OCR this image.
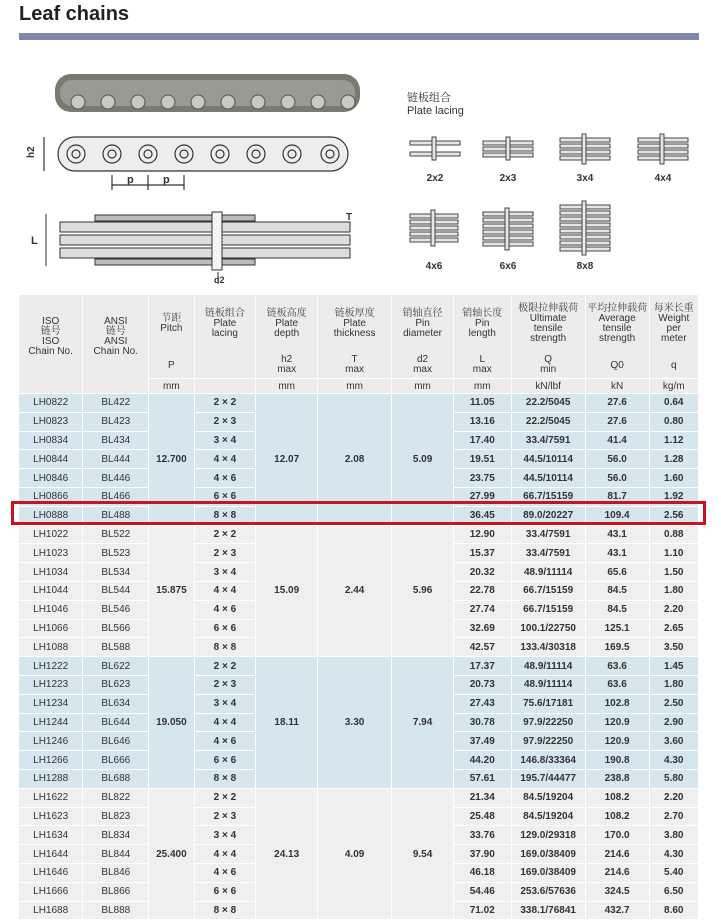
Leaf chains
h2
p	p
L
T
d2
链板组合
Plate lacing
2x2	2x3	3x4	4x4
4x6	6x6	8x8
ISO
链号
ISO
Chain No.	ANSI
链号
ANSI
Chain No.	节距
Pitch	链板组合
Plate
lacing	链板高度
Plate
depth	链板厚度
Plate
thickness	销轴直径
Pin
diameter	销轴长度
Pin
length	极限拉伸载荷
Ultimate
tensile
strength	平均拉伸载荷
Average
tensile
strength	每米长重
Weight
per
meter
		P		h2
max	T
max	d2
max	L
max	Q
min	Q0	q
		mm		mm	mm	mm	mm	kN/lbf	kN	kg/m
LH0822	BL422	12.700	2 × 2	12.07	2.08	5.09	11.05	22.2/5045	27.6	0.64
LH0823	BL423		2 × 3				13.16	22.2/5045	27.6	0.80
LH0834	BL434		3 × 4				17.40	33.4/7591	41.4	1.12
LH0844	BL444		4 × 4				19.51	44.5/10114	56.0	1.28
LH0846	BL446		4 × 6				23.75	44.5/10114	56.0	1.60
LH0866	BL466		6 × 6				27.99	66.7/15159	81.7	1.92
LH0888	BL488		8 × 8				36.45	89.0/20227	109.4	2.56
LH1022	BL522	15.875	2 × 2	15.09	2.44	5.96	12.90	33.4/7591	43.1	0.88
LH1023	BL523		2 × 3				15.37	33.4/7591	43.1	1.10
LH1034	BL534		3 × 4				20.32	48.9/11114	65.6	1.50
LH1044	BL544		4 × 4				22.78	66.7/15159	84.5	1.80
LH1046	BL546		4 × 6				27.74	66.7/15159	84.5	2.20
LH1066	BL566		6 × 6				32.69	100.1/22750	125.1	2.65
LH1088	BL588		8 × 8				42.57	133.4/30318	169.5	3.50
LH1222	BL622	19.050	2 × 2	18.11	3.30	7.94	17.37	48.9/11114	63.6	1.45
LH1223	BL623		2 × 3				20.73	48.9/11114	63.6	1.80
LH1234	BL634		3 × 4				27.43	75.6/17181	102.8	2.50
LH1244	BL644		4 × 4				30.78	97.9/22250	120.9	2.90
LH1246	BL646		4 × 6				37.49	97.9/22250	120.9	3.60
LH1266	BL666		6 × 6				44.20	146.8/33364	190.8	4.30
LH1288	BL688		8 × 8				57.61	195.7/44477	238.8	5.80
LH1622	BL822	25.400	2 × 2	24.13	4.09	9.54	21.34	84.5/19204	108.2	2.20
LH1623	BL823		2 × 3				25.48	84.5/19204	108.2	2.70
LH1634	BL834		3 × 4				33.76	129.0/29318	170.0	3.80
LH1644	BL844		4 × 4				37.90	169.0/38409	214.6	4.30
LH1646	BL846		4 × 6				46.18	169.0/38409	214.6	5.40
LH1666	BL866		6 × 6				54.46	253.6/57636	324.5	6.50
LH1688	BL888		8 × 8				71.02	338.1/76841	432.7	8.60
